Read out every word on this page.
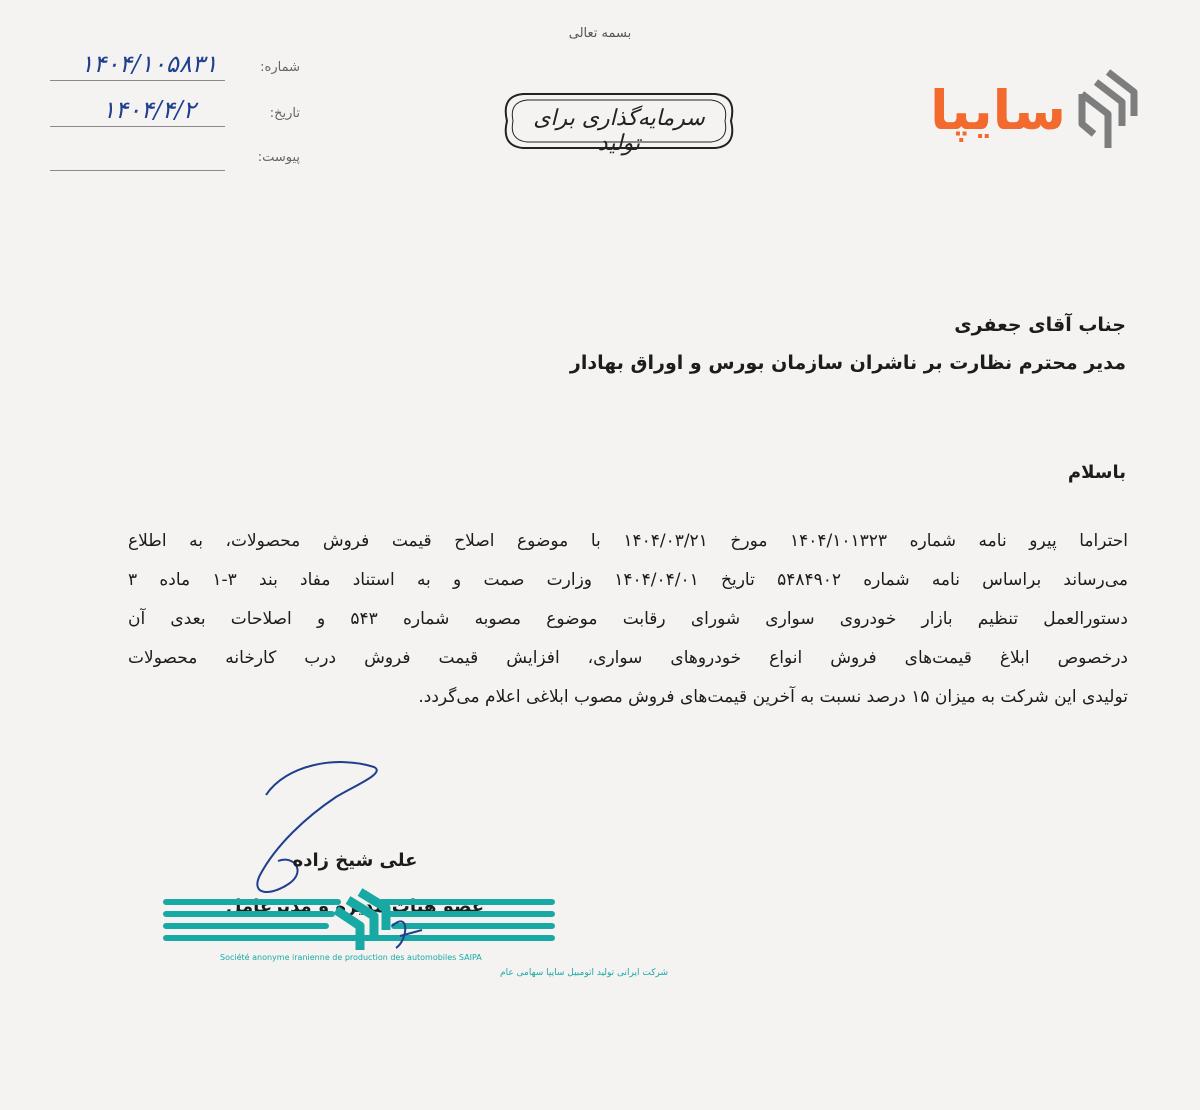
بسمه تعالی
سرمایه‌گذاری برای تولید
سایپا
شماره:
۱۴۰۴/۱۰۵۸۳۱
تاریخ:
۱۴۰۴/۴/۲
پیوست:
جناب آقای جعفری
مدیر محترم نظارت بر ناشران سازمان بورس و اوراق بهادار
باسلام
احتراما پیرو نامه شماره ۱۴۰۴/۱۰۱۳۲۳ مورخ ۱۴۰۴/۰۳/۲۱ با موضوع اصلاح قیمت فروش محصولات، به اطلاع
می‌رساند براساس نامه شماره ۵۴۸۴۹۰۲ تاریخ ۱۴۰۴/۰۴/۰۱ وزارت صمت و به استناد مفاد بند ۳-۱ ماده ۳
دستورالعمل تنظیم بازار خودروی سواری شورای رقابت موضوع مصوبه شماره ۵۴۳ و اصلاحات بعدی آن
درخصوص ابلاغ قیمت‌های فروش انواع خودروهای سواری، افزایش قیمت فروش درب کارخانه محصولات
تولیدی این شرکت به میزان ۱۵ درصد نسبت به آخرین قیمت‌های فروش مصوب ابلاغی اعلام می‌گردد.
علی شیخ زاده
عضو هیات مدیره و مدیرعامل
Société anonyme iranienne de production des automobiles SAIPA
شرکت ایرانی تولید اتومبیل سایپا سهامی عام
